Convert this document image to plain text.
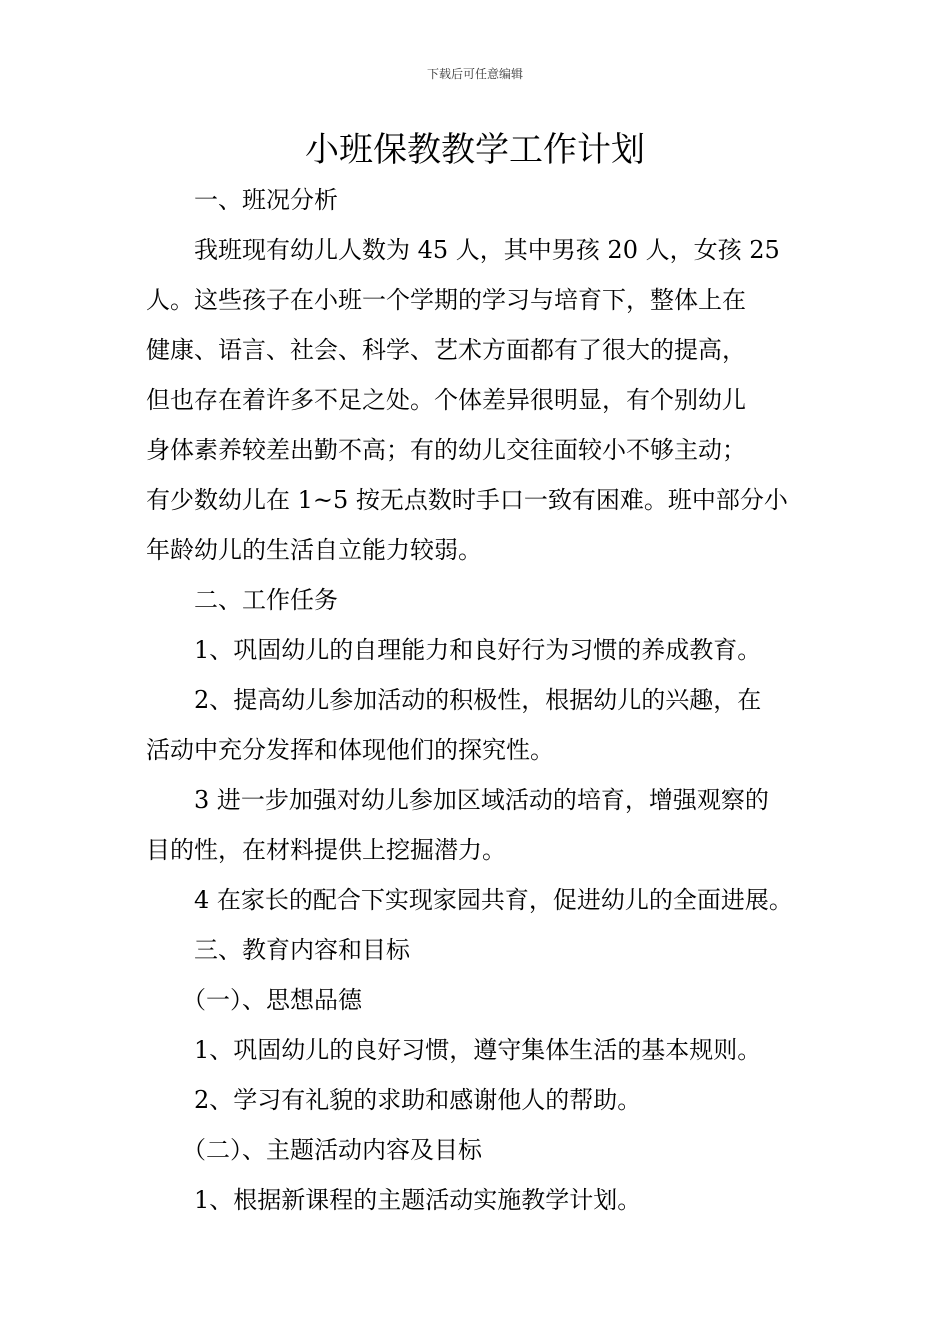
下载后可任意编辑
小班保教教学工作计划
一、班况分析
我班现有幼儿人数为 45 人，其中男孩 20 人，女孩 25
人。这些孩子在小班一个学期的学习与培育下，整体上在
健康、语言、社会、科学、艺术方面都有了很大的提高，
但也存在着许多不足之处。个体差异很明显，有个别幼儿
身体素养较差出勤不高；有的幼儿交往面较小不够主动；
有少数幼儿在 1~5 按无点数时手口一致有困难。班中部分小
年龄幼儿的生活自立能力较弱。
二、工作任务
1、巩固幼儿的自理能力和良好行为习惯的养成教育。
2、提高幼儿参加活动的积极性，根据幼儿的兴趣，在
活动中充分发挥和体现他们的探究性。
3 进一步加强对幼儿参加区域活动的培育，增强观察的
目的性，在材料提供上挖掘潜力。
4 在家长的配合下实现家园共育，促进幼儿的全面进展。
三、教育内容和目标
（一）、思想品德
1、巩固幼儿的良好习惯，遵守集体生活的基本规则。
2、学习有礼貌的求助和感谢他人的帮助。
（二）、主题活动内容及目标
1、根据新课程的主题活动实施教学计划。
